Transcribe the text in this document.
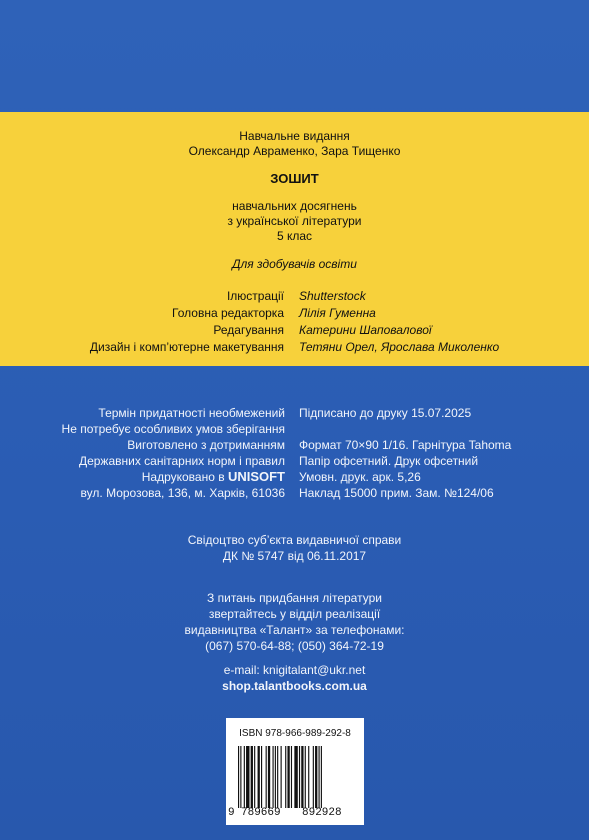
Навчальне видання
Олександр Авраменко, Зара Тищенко
ЗОШИТ
навчальних досягнень
з української літератури
5 клас
Для здобувачів освіти
Ілюстрації Shutterstock
Головна редакторка Лілія Гуменна
Редагування Катерини Шаповалової
Дизайн і комп’ютерне макетування Тетяни Орел, Ярослава Миколенко
Термін придатності необмежений
Не потребує особливих умов зберігання
Виготовлено з дотриманням
Державних санітарних норм і правил
Надруковано в UNISOFT
вул. Морозова, 136, м. Харків, 61036
Підписано до друку 15.07.2025
Формат 70×90 1/16. Гарнітура Tahoma
Папір офсетний. Друк офсетний
Умовн. друк. арк. 5,26
Наклад 15000 прим. Зам. №124/06
Свідоцтво суб’єкта видавничої справи
ДК № 5747 від 06.11.2017
З питань придбання літератури
звертайтесь у відділ реалізації
видавництва «Талант» за телефонами:
(067) 570-64-88; (050) 364-72-19
e-mail: knigitalant@ukr.net
shop.talantbooks.com.ua
ISBN 978-966-989-292-8
9 789669 892928
